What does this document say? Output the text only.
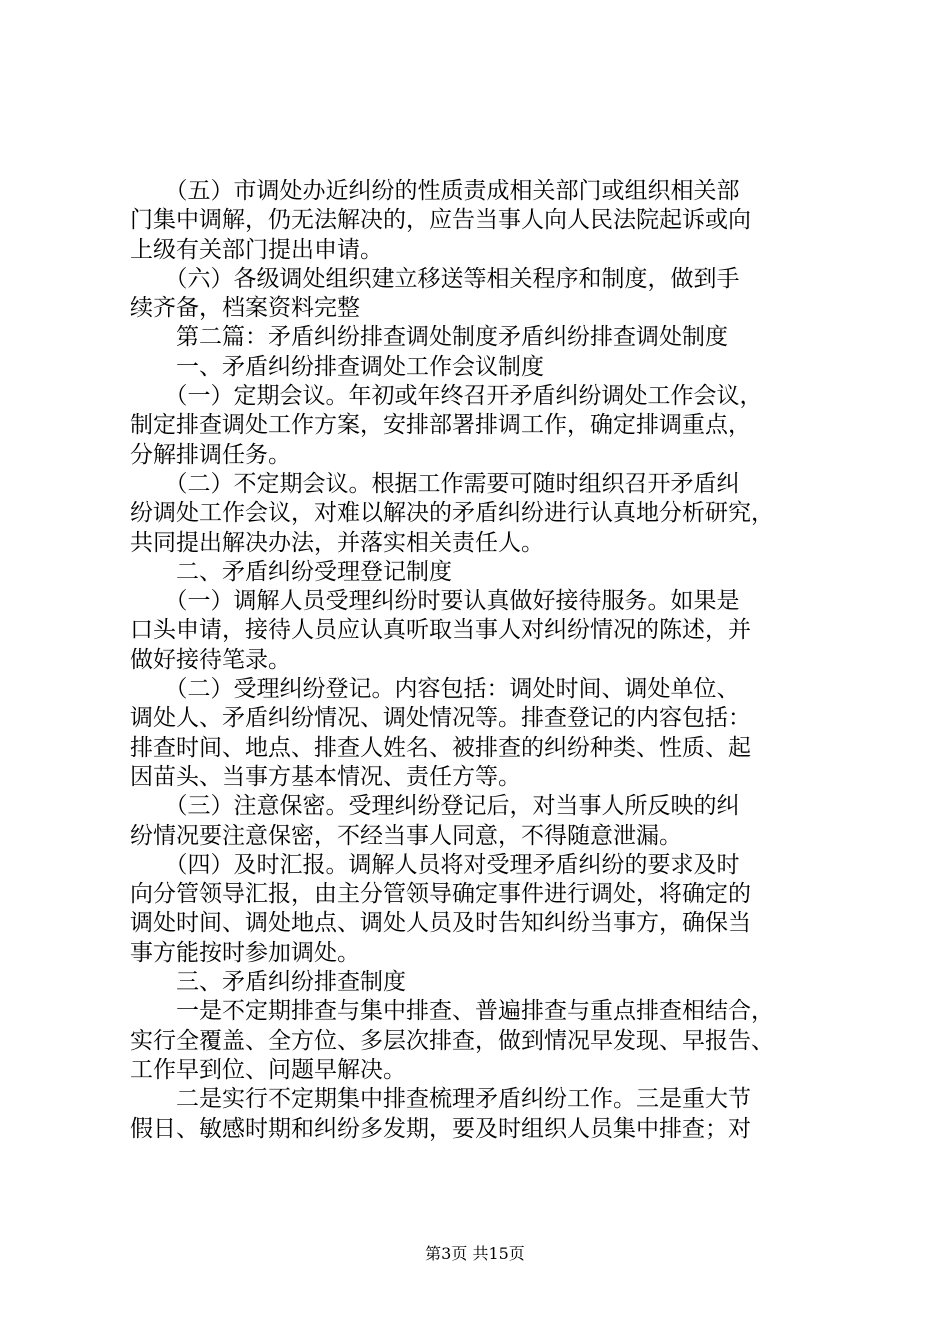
　　（五）市调处办近纠纷的性质责成相关部门或组织相关部
门集中调解，仍无法解决的，应告当事人向人民法院起诉或向
上级有关部门提出申请。
　　（六）各级调处组织建立移送等相关程序和制度，做到手
续齐备，档案资料完整
　　第二篇：矛盾纠纷排查调处制度矛盾纠纷排查调处制度
　　一、矛盾纠纷排查调处工作会议制度
　　（一）定期会议。年初或年终召开矛盾纠纷调处工作会议，
制定排查调处工作方案，安排部署排调工作，确定排调重点，
分解排调任务。
　　（二）不定期会议。根据工作需要可随时组织召开矛盾纠
纷调处工作会议，对难以解决的矛盾纠纷进行认真地分析研究，
共同提出解决办法，并落实相关责任人。
　　二、矛盾纠纷受理登记制度
　　（一）调解人员受理纠纷时要认真做好接待服务。如果是
口头申请，接待人员应认真听取当事人对纠纷情况的陈述，并
做好接待笔录。
　　（二）受理纠纷登记。内容包括：调处时间、调处单位、
调处人、矛盾纠纷情况、调处情况等。排查登记的内容包括：
排查时间、地点、排查人姓名、被排查的纠纷种类、性质、起
因苗头、当事方基本情况、责任方等。
　　（三）注意保密。受理纠纷登记后，对当事人所反映的纠
纷情况要注意保密，不经当事人同意，不得随意泄漏。
　　（四）及时汇报。调解人员将对受理矛盾纠纷的要求及时
向分管领导汇报，由主分管领导确定事件进行调处，将确定的
调处时间、调处地点、调处人员及时告知纠纷当事方，确保当
事方能按时参加调处。
　　三、矛盾纠纷排查制度
　　一是不定期排查与集中排查、普遍排查与重点排查相结合，
实行全覆盖、全方位、多层次排查，做到情况早发现、早报告、
工作早到位、问题早解决。
　　二是实行不定期集中排查梳理矛盾纠纷工作。三是重大节
假日、敏感时期和纠纷多发期，要及时组织人员集中排查；对
第3页 共15页
